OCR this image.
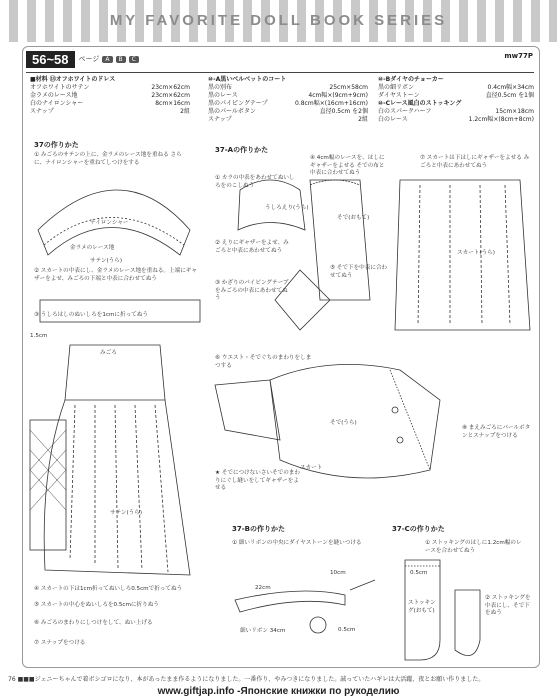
MY FAVORITE DOLL BOOK SERIES
56~58	ページ	A	B	C	mw77P
■材料 ⑬オフホワイトのドレス
オフホワイトのサテン	23cm×62cm
金ラメのレース地	23cm×62cm
白のナイロンシャー	8cm×16cm
スナップ	2組
⑩-A黒いベルベットのコート
黒の別布	25cm×58cm
黒のレース	4cm幅×(9cm+9cm)
黒のパイピングテープ	0.8cm幅×(16cm+16cm)
黒のパールボタン	直径0.5cm を2個
スナップ	2組
⑩-Bダイヤのチョーカー
黒の細リボン	0.4cm幅×34cm
ダイヤストーン	直径0.5cm を1個
⑩-Cレース風白のストッキング
白のスパークハーフ	15cm×18cm
白のレース	1.2cm幅×(8cm+8cm)
37の作りかた
37-Aの作りかた
37-Bの作りかた	37-Cの作りかた
① みごろのサテンの上に、金ラメのレース地を重ねる さらに、ナイロンシャーを重ねてしつけをする
② スカートの中表にし、金ラメのレース地を重ねる。上端にギャザーをよせ、みごろの下端と中表に合わせてぬう
③ うしろはしのぬいしろを1cmに折ってぬう
④ スカートの下は1cm折ってぬいしろ0.5cmで折ってぬう
⑤ スカートの中心をぬいしろを0.5cmに折りぬう
⑥ みごろのまわりにしつけをして、ぬい上げる
⑦ スナップをつける
① カラの中表をあわせてぬいしろをのこしぬう
② えりにギャザーをよせ、みごろと中表にあわせてぬう
③ かざりのパイピングテープをみごろの中表にあわせてぬう
④ 4cm幅のレースを、はしにギャザーをよせる そでの布と中表に合わせてぬう
⑤ そで下を中表に合わせてぬう
⑥ ウエスト・そでぐちのまわりをしまつする
★ そでにつけないさいそでのまわりにぐし縫いをしてギャザーをよせる
⑦ スカートは下はしにギャザーをよせる みごろと中表にあわせてぬう
⑧ まえみごろにパールボタンとスナップをつける
① 細いリボンの中央にダイヤストーンを縫いつける	① ストッキングのはしに1.2cm幅のレースを合わせてぬう
② ストッキングを中表にし、そで下をぬう
ナイロンシャー
金ラメのレース地
サテン(うら)
みごろ
サテン(うら)
1.5cm
うしろえり(うら)
そで(おもて)
スカート(うら)
そで(うら)
スカート
22cm
10cm
細いリボン 34cm	0.5cm
ストッキング(おもて)
0.5cm
76 ■■■ジェニーちゃんで着ボシゴロになり、本があったまま作るようになりました。一番作り、やみつきになりました。誠っていたハギレは大活躍、夜とお願い作りました。
www.giftjap.info -Японские книжки по рукоделию
